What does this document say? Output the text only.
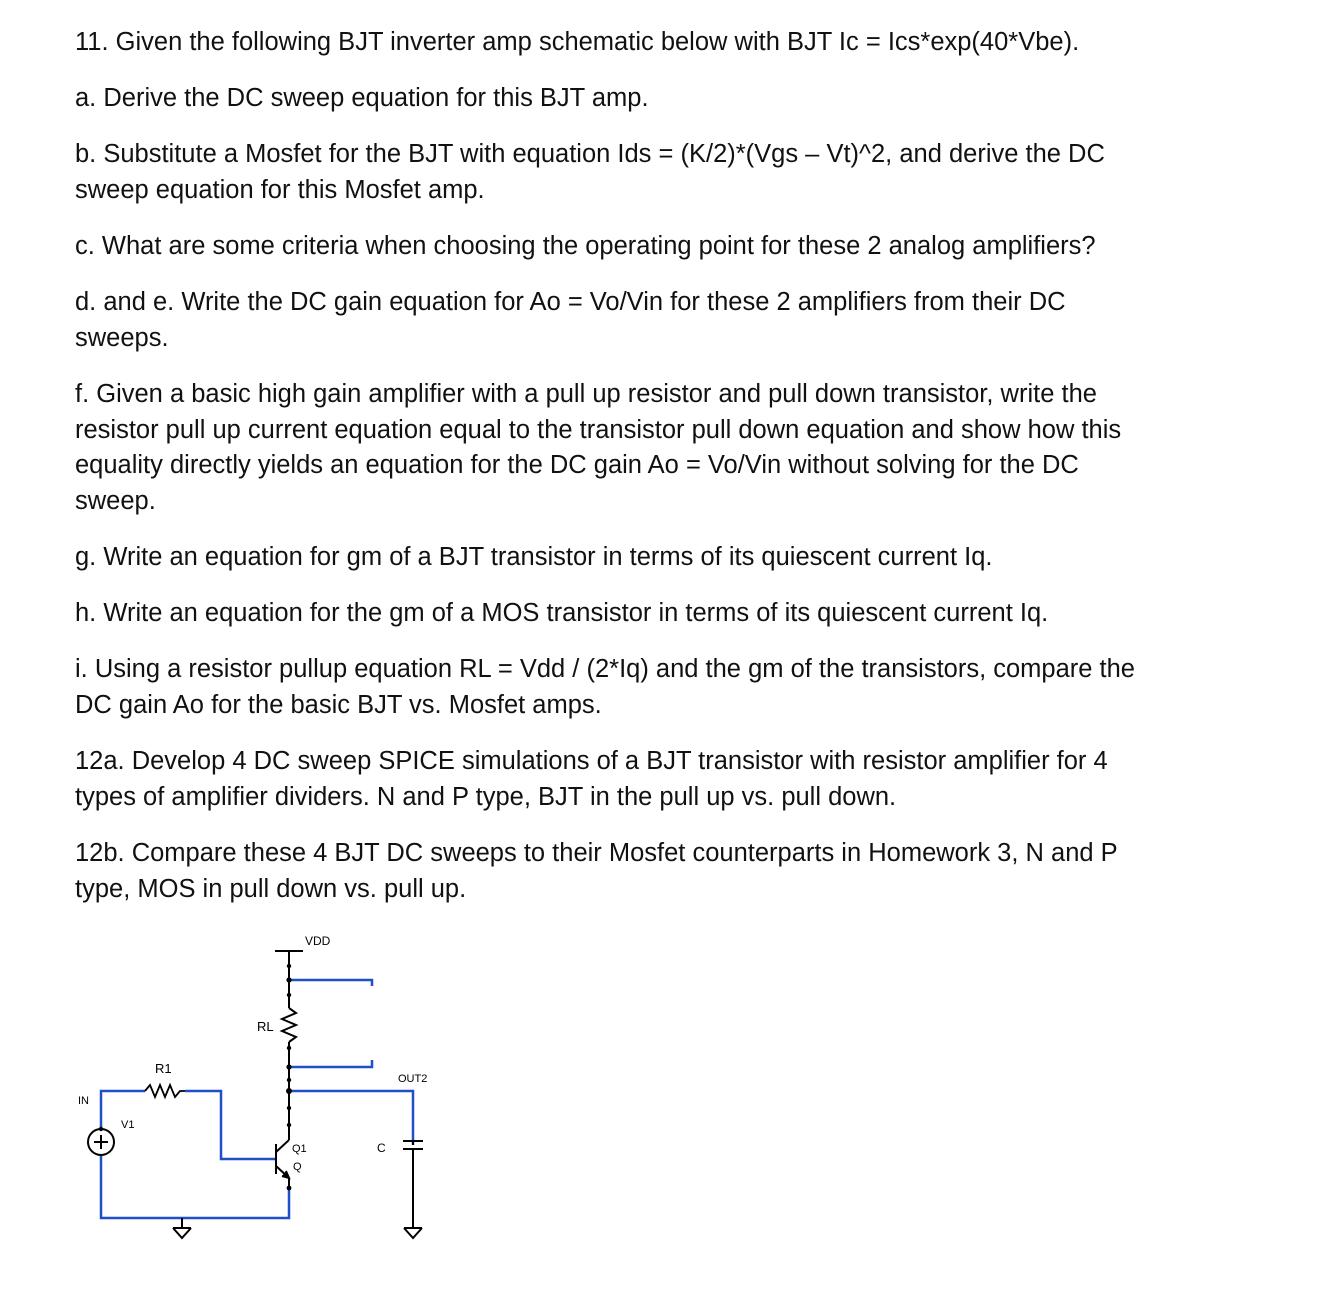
11. Given the following BJT inverter amp schematic below with BJT Ic = Ics*exp(40*Vbe).
a. Derive the DC sweep equation for this BJT amp.
b. Substitute a Mosfet for the BJT with equation Ids = (K/2)*(Vgs – Vt)^2, and derive the DC
sweep equation for this Mosfet amp.
c. What are some criteria when choosing the operating point for these 2 analog amplifiers?
d. and e. Write the DC gain equation for Ao = Vo/Vin for these 2 amplifiers from their DC
sweeps.
f. Given a basic high gain amplifier with a pull up resistor and pull down transistor, write the
resistor pull up current equation equal to the transistor pull down equation and show how this
equality directly yields an equation for the DC gain Ao = Vo/Vin without solving for the DC
sweep.
g. Write an equation for gm of a BJT transistor in terms of its quiescent current Iq.
h. Write an equation for the gm of a MOS transistor in terms of its quiescent current Iq.
i. Using a resistor pullup equation RL = Vdd / (2*Iq) and the gm of the transistors, compare the
DC gain Ao for the basic BJT vs. Mosfet amps.
12a. Develop 4 DC sweep SPICE simulations of a BJT transistor with resistor amplifier for 4
types of amplifier dividers. N and P type, BJT in the pull up vs. pull down.
12b. Compare these 4 BJT DC sweeps to their Mosfet counterparts in Homework 3, N and P
type, MOS in pull down vs. pull up.
VDD
RL
R1
IN
V1
Q1
Q
C
OUT2
